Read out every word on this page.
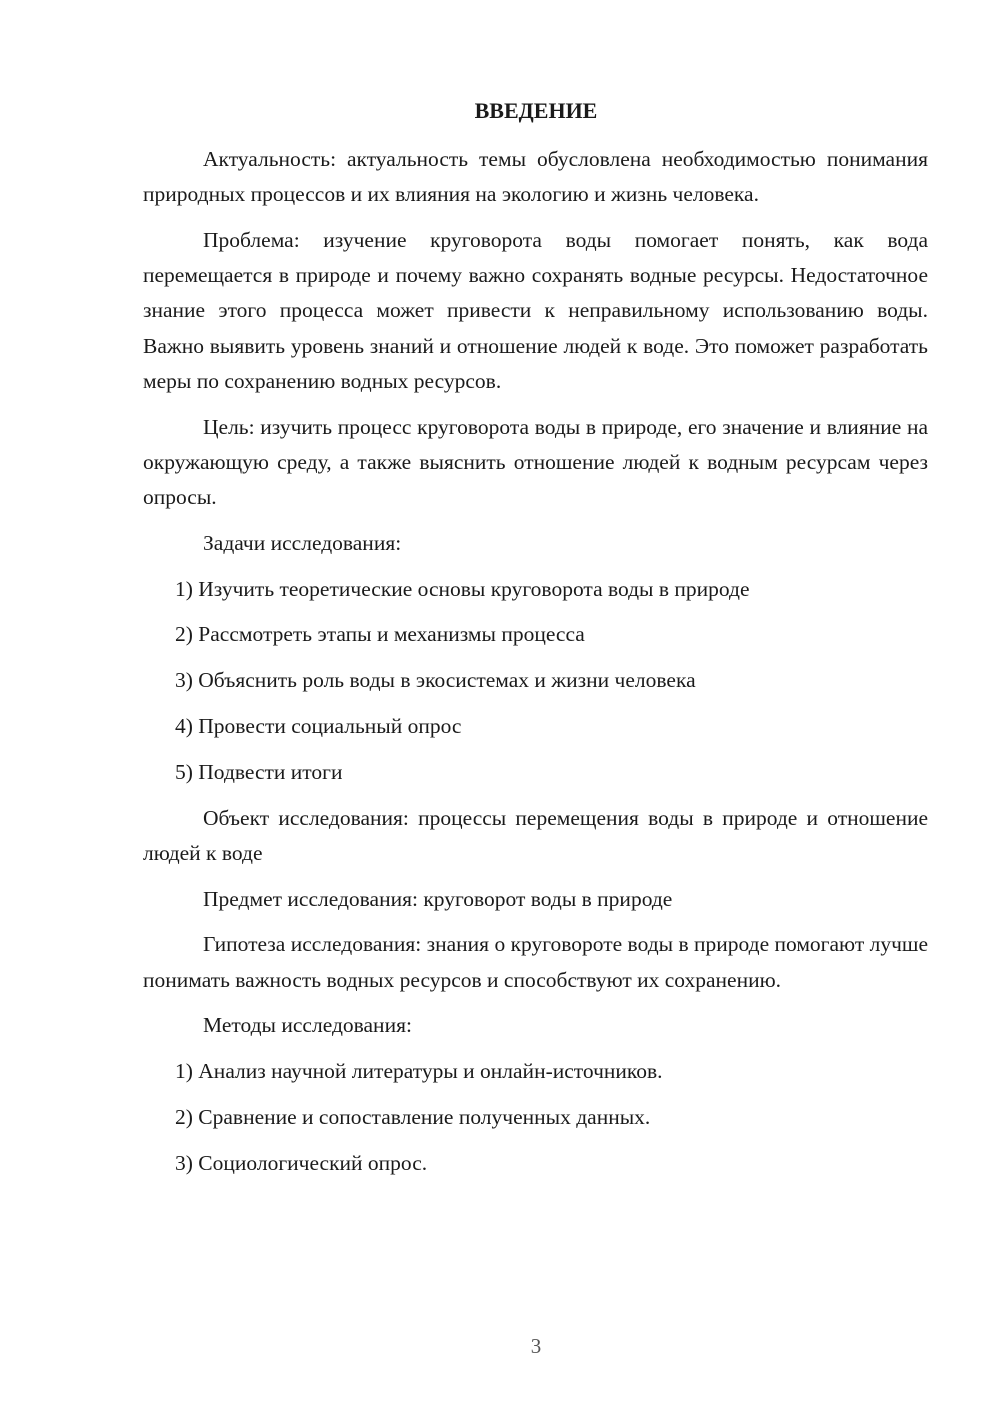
ВВЕДЕНИЕ

Актуальность: актуальность темы обусловлена необходимостью понимания природных процессов и их влияния на экологию и жизнь человека.

Проблема: изучение круговорота воды помогает понять, как вода перемещается в природе и почему важно сохранять водные ресурсы. Недостаточное знание этого процесса может привести к неправильному использованию воды. Важно выявить уровень знаний и отношение людей к воде. Это поможет разработать меры по сохранению водных ресурсов.

Цель: изучить процесс круговорота воды в природе, его значение и влияние на окружающую среду, а также выяснить отношение людей к водным ресурсам через опросы.

Задачи исследования:

1) Изучить теоретические основы круговорота воды в природе

2) Рассмотреть этапы и механизмы процесса

3) Объяснить роль воды в экосистемах и жизни человека

4) Провести социальный опрос

5) Подвести итоги

Объект исследования: процессы перемещения воды в природе и отношение людей к воде

Предмет исследования: круговорот воды в природе

Гипотеза исследования: знания о круговороте воды в природе помогают лучше понимать важность водных ресурсов и способствуют их сохранению.

Методы исследования:

1) Анализ научной литературы и онлайн-источников.

2) Сравнение и сопоставление полученных данных.

3) Социологический опрос.

3
